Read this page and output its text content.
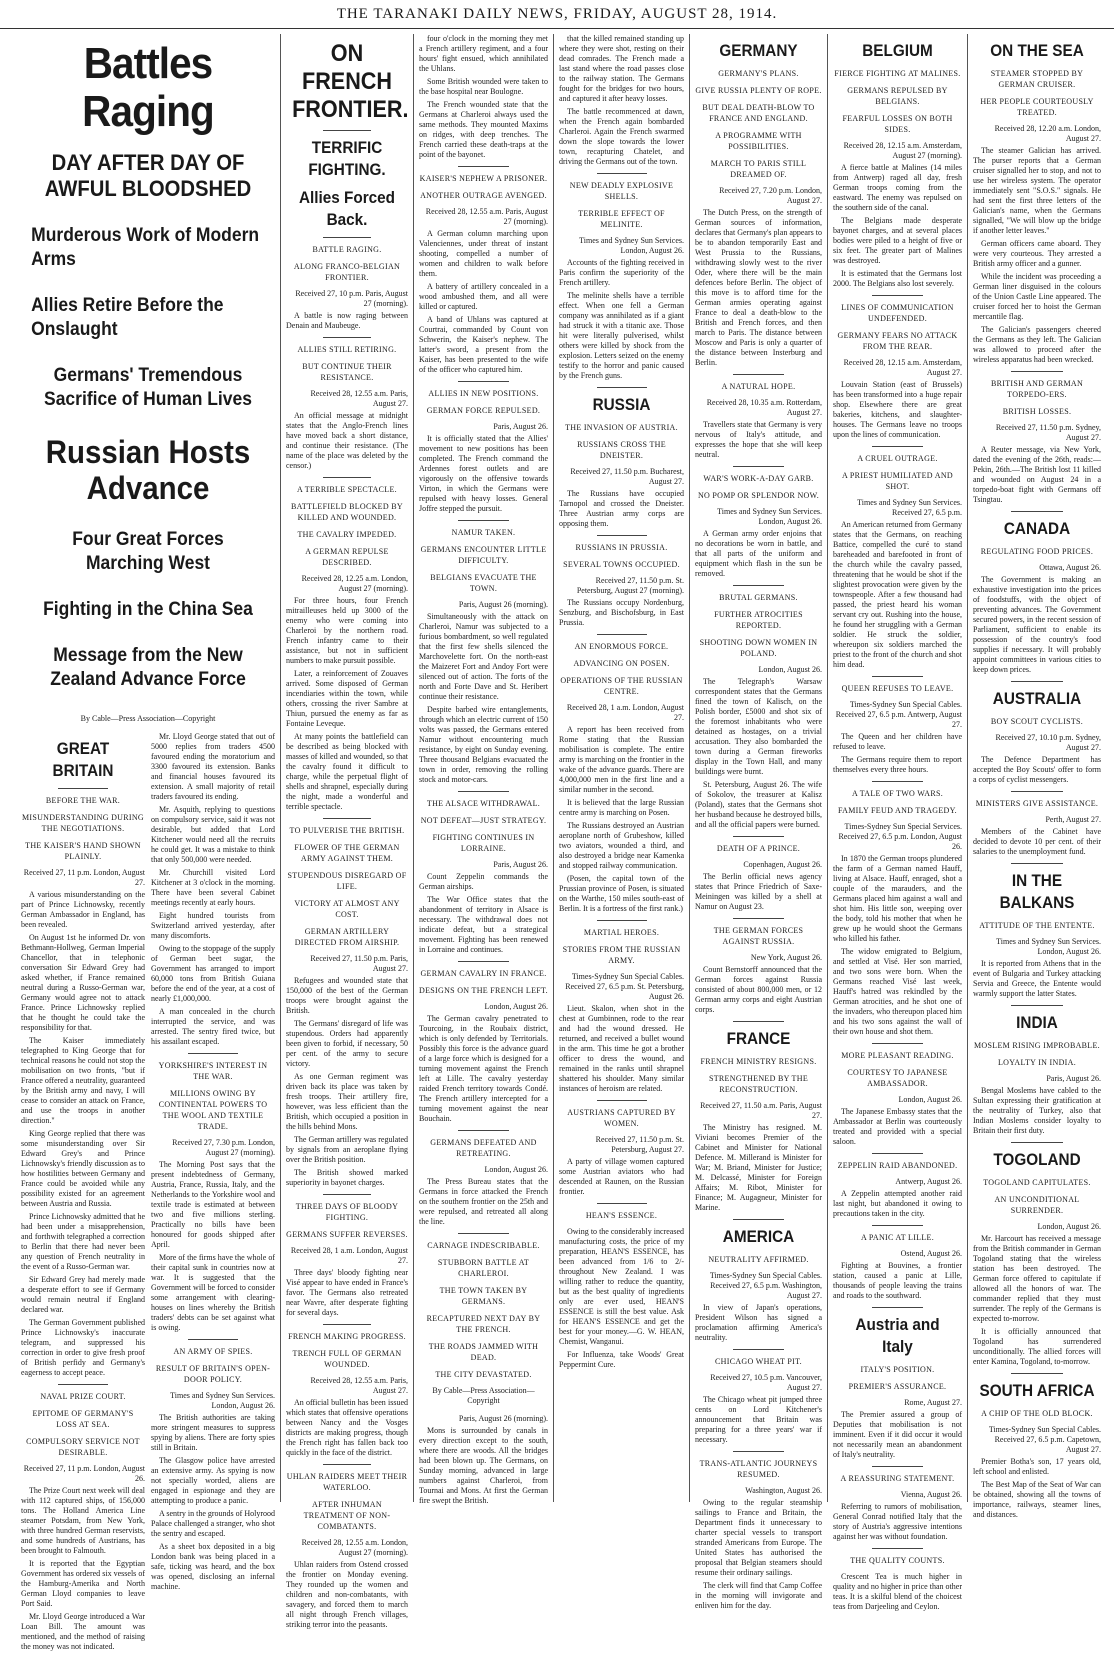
THE TARANAKI DAILY NEWS, FRIDAY, AUGUST 28, 1914.
Battles Raging
DAY AFTER DAY OF AWFUL BLOODSHED
Murderous Work of Modern Arms
Allies Retire Before the Onslaught
Germans' Tremendous Sacrifice of Human Lives
Russian Hosts Advance
Four Great Forces Marching West
Fighting in the China Sea
Message from the New Zealand Advance Force
By Cable—Press Association—Copyright
GREAT BRITAIN
BEFORE THE WAR.
MISUNDERSTANDING DURING THE NEGOTIATIONS.
THE KAISER'S HAND SHOWN PLAINLY.
Received 27, 11 p.m. London, August 27.
A various misunderstanding on the part of Prince Lichnowsky, recently German Ambassador in England, has been revealed.
On August 1st he informed Dr. von Bethmann-Hollweg, German Imperial Chancellor, that in telephonic conversation Sir Edward Grey had asked whether, if France remained neutral during a Russo-German war, Germany would agree not to attack France. Prince Lichnowsky replied that he thought he could take the responsibility for that.
The Kaiser immediately telegraphed to King George that for technical reasons he could not stop the mobilisation on two fronts, "but if France offered a neutrality, guaranteed by the British army and navy, I will cease to consider an attack on France, and use the troops in another direction."
King George replied that there was some misunderstanding over Sir Edward Grey's and Prince Lichnowsky's friendly discussion as to how hostilities between Germany and France could be avoided while any possibility existed for an agreement between Austria and Russia.
Prince Lichnowsky admitted that he had been under a misapprehension, and forthwith telegraphed a correction to Berlin that there had never been any question of French neutrality in the event of a Russo-German war.
Sir Edward Grey had merely made a desperate effort to see if Germany would remain neutral if England declared war.
The German Government published Prince Lichnowsky's inaccurate telegram, and suppressed his correction in order to give fresh proof of British perfidy and Germany's eagerness to accept peace.
NAVAL PRIZE COURT.
EPITOME OF GERMANY'S LOSS AT SEA.
COMPULSORY SERVICE NOT DESIRABLE.
Received 27, 11 p.m. London, August 26.
The Prize Court next week will deal with 112 captured ships, of 156,000 tons. The Holland America Line steamer Potsdam, from New York, with three hundred German reservists, and some hundreds of Austrians, has been brought to Falmouth.
It is reported that the Egyptian Government has ordered six vessels of the Hamburg-Amerika and North German Lloyd companies to leave Port Said.
Mr. Lloyd George introduced a War Loan Bill. The amount was mentioned, and the method of raising the money was not indicated.
Mr. Lloyd George stated that out of 5000 replies from traders 4500 favoured ending the moratorium and 3300 favoured its extension. Banks and financial houses favoured its extension. A small majority of retail traders favoured its ending.
Mr. Asquith, replying to questions on compulsory service, said it was not desirable, but added that Lord Kitchener would need all the recruits he could get. It was a mistake to think that only 500,000 were needed.
Mr. Churchill visited Lord Kitchener at 3 o'clock in the morning. There have been several Cabinet meetings recently at early hours.
Eight hundred tourists from Switzerland arrived yesterday, after many discomforts.
Owing to the stoppage of the supply of German beet sugar, the Government has arranged to import 60,000 tons from British Guiana before the end of the year, at a cost of nearly £1,000,000.
A man concealed in the church interrupted the service, and was arrested. The sentry fired twice, but his assailant escaped.
YORKSHIRE'S INTEREST IN THE WAR.
MILLIONS OWING BY CONTINENTAL POWERS TO THE WOOL AND TEXTILE TRADE.
Received 27, 7.30 p.m. London, August 27 (morning).
The Morning Post says that the present indebtedness of Germany, Austria, France, Russia, Italy, and the Netherlands to the Yorkshire wool and textile trade is estimated at between two and five millions sterling. Practically no bills have been honoured for goods shipped after April.
More of the firms have the whole of their capital sunk in countries now at war. It is suggested that the Government will be forced to consider some arrangement with clearing-houses on lines whereby the British traders' debts can be set against what is owing.
AN ARMY OF SPIES.
RESULT OF BRITAIN'S OPEN-DOOR POLICY.
Times and Sydney Sun Services. London, August 26.
The British authorities are taking more stringent measures to suppress spying by aliens. There are forty spies still in Britain.
The Glasgow police have arrested an extensive army. As spying is now not specially worded, aliens are engaged in espionage and they are attempting to produce a panic.
A sentry in the grounds of Holyrood Palace challenged a stranger, who shot the sentry and escaped.
As a sheet box deposited in a big London bank was being placed in a safe, ticking was heard, and the box was opened, disclosing an infernal machine.
ON FRENCH FRONTIER.
TERRIFIC FIGHTING.
Allies Forced Back.
BATTLE RAGING.
ALONG FRANCO-BELGIAN FRONTIER.
Received 27, 10 p.m. Paris, August 27 (morning).
A battle is now raging between Denain and Maubeuge.
ALLIES STILL RETIRING.
BUT CONTINUE THEIR RESISTANCE.
Received 28, 12.55 a.m. Paris, August 27.
An official message at midnight states that the Anglo-French lines have moved back a short distance, and continue their resistance. (The name of the place was deleted by the censor.)
A TERRIBLE SPECTACLE.
BATTLEFIELD BLOCKED BY KILLED AND WOUNDED.
THE CAVALRY IMPEDED.
A GERMAN REPULSE DESCRIBED.
Received 28, 12.25 a.m. London, August 27 (morning).
For three hours, four French mitrailleuses held up 3000 of the enemy who were coming into Charleroi by the northern road. French infantry came to their assistance, but not in sufficient numbers to make pursuit possible.
Later, a reinforcement of Zouaves arrived. Some disposed of German incendiaries within the town, while others, crossing the river Sambre at Thiun, pursued the enemy as far as Fontaine Leveque.
At many points the battlefield can be described as being blocked with masses of killed and wounded, so that the cavalry found it difficult to charge, while the perpetual flight of shells and shrapnel, especially during the night, made a wonderful and terrible spectacle.
TO PULVERISE THE BRITISH.
FLOWER OF THE GERMAN ARMY AGAINST THEM.
STUPENDOUS DISREGARD OF LIFE.
VICTORY AT ALMOST ANY COST.
GERMAN ARTILLERY DIRECTED FROM AIRSHIP.
Received 27, 11.50 p.m. Paris, August 27.
Refugees and wounded state that 150,000 of the best of the German troops were brought against the British.
The Germans' disregard of life was stupendous. Orders had apparently been given to forbid, if necessary, 50 per cent. of the army to secure victory.
As one German regiment was driven back its place was taken by fresh troops. Their artillery fire, however, was less efficient than the British, which occupied a position in the hills behind Mons.
The German artillery was regulated by signals from an aeroplane flying over the British position.
The British showed marked superiority in bayonet charges.
THREE DAYS OF BLOODY FIGHTING.
GERMANS SUFFER REVERSES.
Received 28, 1 a.m. London, August 27.
Three days' bloody fighting near Visé appear to have ended in France's favor. The Germans also retreated near Wavre, after desperate fighting for several days.
FRENCH MAKING PROGRESS.
TRENCH FULL OF GERMAN WOUNDED.
Received 28, 12.55 a.m. Paris, August 27.
An official bulletin has been issued which states that offensive operations between Nancy and the Vosges districts are making progress, though the French right has fallen back too quickly in the face of the district.
UHLAN RAIDERS MEET THEIR WATERLOO.
AFTER INHUMAN TREATMENT OF NON-COMBATANTS.
Received 28, 12.55 a.m. London, August 27 (morning).
Uhlan raiders from Ostend crossed the frontier on Monday evening. They rounded up the women and children and non-combatants, with savagery, and forced them to march all night through French villages, striking terror into the peasants.
four o'clock in the morning they met a French artillery regiment, and a four hours' fight ensued, which annihilated the Uhlans.
Some British wounded were taken to the base hospital near Boulogne.
The French wounded state that the Germans at Charleroi always used the same methods. They mounted Maxims on ridges, with deep trenches. The French carried these death-traps at the point of the bayonet.
KAISER'S NEPHEW A PRISONER.
ANOTHER OUTRAGE AVENGED.
Received 28, 12.55 a.m. Paris, August 27 (morning).
A German column marching upon Valenciennes, under threat of instant shooting, compelled a number of women and children to walk before them.
A battery of artillery concealed in a wood ambushed them, and all were killed or captured.
A band of Uhlans was captured at Courtrai, commanded by Count von Schwerin, the Kaiser's nephew. The latter's sword, a present from the Kaiser, has been presented to the wife of the officer who captured him.
ALLIES IN NEW POSITIONS.
GERMAN FORCE REPULSED.
Paris, August 26.
It is officially stated that the Allies' movement to new positions has been completed. The French command the Ardennes forest outlets and are vigorously on the offensive towards Virton, in which the Germans were repulsed with heavy losses. General Joffre stepped the pursuit.
NAMUR TAKEN.
GERMANS ENCOUNTER LITTLE DIFFICULTY.
BELGIANS EVACUATE THE TOWN.
Paris, August 26 (morning).
Simultaneously with the attack on Charleroi, Namur was subjected to a furious bombardment, so well regulated that the first few shells silenced the Marchovelette fort. On the north-east the Maizeret Fort and Andoy Fort were silenced out of action. The forts of the north and Forte Dave and St. Heribert continue their resistance.
Despite barbed wire entanglements, through which an electric current of 150 volts was passed, the Germans entered Namur without encountering much resistance, by eight on Sunday evening. Three thousand Belgians evacuated the town in order, removing the rolling stock and motor-cars.
THE ALSACE WITHDRAWAL.
NOT DEFEAT—JUST STRATEGY.
FIGHTING CONTINUES IN LORRAINE.
Paris, August 26.
Count Zeppelin commands the German airships.
The War Office states that the abandonment of territory in Alsace is necessary. The withdrawal does not indicate defeat, but a strategical movement. Fighting has been renewed in Lorraine and continues.
GERMAN CAVALRY IN FRANCE.
DESIGNS ON THE FRENCH LEFT.
London, August 26.
The German cavalry penetrated to Tourcoing, in the Roubaix district, which is only defended by Territorials. Possibly this force is the advance guard of a large force which is designed for a turning movement against the French left at Lille. The cavalry yesterday raided French territory towards Condé. The French artillery intercepted for a turning movement against the near Bouchain.
GERMANS DEFEATED AND RETREATING.
London, August 26.
The Press Bureau states that the Germans in force attacked the French on the southern frontier on the 25th and were repulsed, and retreated all along the line.
CARNAGE INDESCRIBABLE.
STUBBORN BATTLE AT CHARLEROI.
THE TOWN TAKEN BY GERMANS.
RECAPTURED NEXT DAY BY THE FRENCH.
THE ROADS JAMMED WITH DEAD.
THE CITY DEVASTATED.
By Cable—Press Association—Copyright
Paris, August 26 (morning).
Mons is surrounded by canals in every direction except to the south, where there are woods. All the bridges had been blown up. The Germans, on Sunday morning, advanced in large numbers against Charleroi, from Tournai and Mons. At first the German fire swept the British.
that the killed remained standing up where they were shot, resting on their dead comrades. The French made a last stand where the road passes close to the railway station. The Germans fought for the bridges for two hours, and captured it after heavy losses.
The battle recommenced at dawn, when the French again bombarded Charleroi. Again the French swarmed down the slope towards the lower town, recapturing Chatelet, and driving the Germans out of the town.
NEW DEADLY EXPLOSIVE SHELLS.
TERRIBLE EFFECT OF MELINITE.
Times and Sydney Sun Services. London, August 26.
Accounts of the fighting received in Paris confirm the superiority of the French artillery.
The melinite shells have a terrible effect. When one fell a German company was annihilated as if a giant had struck it with a titanic axe. Those hit were literally pulverised, whilst others were killed by shock from the explosion. Letters seized on the enemy testify to the horror and panic caused by the French guns.
RUSSIA
THE INVASION OF AUSTRIA.
RUSSIANS CROSS THE DNEISTER.
Received 27, 11.50 p.m. Bucharest, August 27.
The Russians have occupied Tarnopol and crossed the Dneister. Three Austrian army corps are opposing them.
RUSSIANS IN PRUSSIA.
SEVERAL TOWNS OCCUPIED.
Received 27, 11.50 p.m. St. Petersburg, August 27 (morning).
The Russians occupy Nordenburg, Senzburg, and Bischofsburg, in East Prussia.
AN ENORMOUS FORCE.
ADVANCING ON POSEN.
OPERATIONS OF THE RUSSIAN CENTRE.
Received 28, 1 a.m. London, August 27.
A report has been received from Rome stating that the Russian mobilisation is complete. The entire army is marching on the frontier in the wake of the advance guards. There are 4,000,000 men in the first line and a similar number in the second.
It is believed that the large Russian centre army is marching on Posen.
The Russians destroyed an Austrian aeroplane north of Grubeshow, killed two aviators, wounded a third, and also destroyed a bridge near Kamenka and stopped railway communication.
(Posen, the capital town of the Prussian province of Posen, is situated on the Warthe, 150 miles south-east of Berlin. It is a fortress of the first rank.)
MARTIAL HEROES.
STORIES FROM THE RUSSIAN ARMY.
Times-Sydney Sun Special Cables. Received 27, 6.5 p.m. St. Petersburg, August 26.
Lieut. Skalon, when shot in the chest at Gumbinnen, rode to the rear and had the wound dressed. He returned, and received a bullet wound in the arm. This time he got a brother officer to dress the wound, and remained in the ranks until shrapnel shattered his shoulder. Many similar instances of heroism are related.
AUSTRIANS CAPTURED BY WOMEN.
Received 27, 11.50 p.m. St. Petersburg, August 27.
A party of village women captured some Austrian aviators who had descended at Raunen, on the Russian frontier.
HEAN'S ESSENCE.
Owing to the considerably increased manufacturing costs, the price of my preparation, HEAN'S ESSENCE, has been advanced from 1/6 to 2/- throughout New Zealand. I was willing rather to reduce the quantity, but as the best quality of ingredients only are ever used, HEAN'S ESSENCE is still the best value. Ask for HEAN'S ESSENCE and get the best for your money.—G. W. HEAN, Chemist, Wanganui.
For Influenza, take Woods' Great Peppermint Cure.
GERMANY
GERMANY'S PLANS.
GIVE RUSSIA PLENTY OF ROPE.
BUT DEAL DEATH-BLOW TO FRANCE AND ENGLAND.
A PROGRAMME WITH POSSIBILITIES.
MARCH TO PARIS STILL DREAMED OF.
Received 27, 7.20 p.m. London, August 27.
The Dutch Press, on the strength of German sources of information, declares that Germany's plan appears to be to abandon temporarily East and West Prussia to the Russians, withdrawing slowly west to the river Oder, where there will be the main defences before Berlin. The object of this move is to afford time for the German armies operating against France to deal a death-blow to the British and French forces, and then march to Paris. The distance between Moscow and Paris is only a quarter of the distance between Insterburg and Berlin.
A NATURAL HOPE.
Received 28, 10.35 a.m. Rotterdam, August 27.
Travellers state that Germany is very nervous of Italy's attitude, and expresses the hope that she will keep neutral.
WAR'S WORK-A-DAY GARB.
NO POMP OR SPLENDOR NOW.
Times and Sydney Sun Services. London, August 26.
A German army order enjoins that no decorations be worn in battle, and that all parts of the uniform and equipment which flash in the sun be removed.
BRUTAL GERMANS.
FURTHER ATROCITIES REPORTED.
SHOOTING DOWN WOMEN IN POLAND.
London, August 26.
The Telegraph's Warsaw correspondent states that the Germans fined the town of Kalisch, on the Polish border, £5000 and shot six of the foremost inhabitants who were detained as hostages, on a trivial accusation. They also bombarded the town during a German fireworks display in the Town Hall, and many buildings were burnt.
St. Petersburg, August 26. The wife of Sokolov, the treasurer at Kalisz (Poland), states that the Germans shot her husband because he destroyed bills, and all the official papers were burned.
DEATH OF A PRINCE.
Copenhagen, August 26.
The Berlin official news agency states that Prince Friedrich of Saxe-Meiningen was killed by a shell at Namur on August 23.
THE GERMAN FORCES AGAINST RUSSIA.
New York, August 26.
Count Bernstorff announced that the German forces against Russia consisted of about 800,000 men, or 12 German army corps and eight Austrian corps.
FRANCE
FRENCH MINISTRY RESIGNS.
STRENGTHENED BY THE RECONSTRUCTION.
Received 27, 11.50 a.m. Paris, August 27.
The Ministry has resigned. M. Viviani becomes Premier of the Cabinet and Minister for National Defence. M. Millerand is Minister for War; M. Briand, Minister for Justice; M. Delcassé, Minister for Foreign Affairs; M. Ribot, Minister for Finance; M. Augagneur, Minister for Marine.
AMERICA
NEUTRALITY AFFIRMED.
Times-Sydney Sun Special Cables. Received 27, 6.5 p.m. Washington, August 27.
In view of Japan's operations, President Wilson has signed a proclamation affirming America's neutrality.
CHICAGO WHEAT PIT.
Received 27, 10.5 p.m. Vancouver, August 27.
The Chicago wheat pit jumped three cents on Lord Kitchener's announcement that Britain was preparing for a three years' war if necessary.
TRANS-ATLANTIC JOURNEYS RESUMED.
Washington, August 26.
Owing to the regular steamship sailings to France and Britain, the Department finds it unnecessary to charter special vessels to transport stranded Americans from Europe. The United States has authorised the proposal that Belgian steamers should resume their ordinary sailings.
The clerk will find that Camp Coffee in the morning will invigorate and enliven him for the day.
BELGIUM
FIERCE FIGHTING AT MALINES.
GERMANS REPULSED BY BELGIANS.
FEARFUL LOSSES ON BOTH SIDES.
Received 28, 12.15 a.m. Amsterdam, August 27 (morning).
A fierce battle at Malines (14 miles from Antwerp) raged all day, fresh German troops coming from the eastward. The enemy was repulsed on the southern side of the canal.
The Belgians made desperate bayonet charges, and at several places bodies were piled to a height of five or six feet. The greater part of Malines was destroyed.
It is estimated that the Germans lost 2000. The Belgians also lost severely.
LINES OF COMMUNICATION UNDEFENDED.
GERMANY FEARS NO ATTACK FROM THE REAR.
Received 28, 12.15 a.m. Amsterdam, August 27.
Louvain Station (east of Brussels) has been transformed into a huge repair shop. Elsewhere there are great bakeries, kitchens, and slaughter-houses. The Germans leave no troops upon the lines of communication.
A CRUEL OUTRAGE.
A PRIEST HUMILIATED AND SHOT.
Times and Sydney Sun Services. Received 27, 6.5 p.m.
An American returned from Germany states that the Germans, on reaching Battice, compelled the curé to stand bareheaded and barefooted in front of the church while the cavalry passed, threatening that he would be shot if the slightest provocation were given by the townspeople. After a few thousand had passed, the priest heard his woman servant cry out. Rushing into the house, he found her struggling with a German soldier. He struck the soldier, whereupon six soldiers marched the priest to the front of the church and shot him dead.
QUEEN REFUSES TO LEAVE.
Times-Sydney Sun Special Cables. Received 27, 6.5 p.m. Antwerp, August 27.
The Queen and her children have refused to leave.
The Germans require them to report themselves every three hours.
A TALE OF TWO WARS.
FAMILY FEUD AND TRAGEDY.
Times-Sydney Sun Special Services. Received 27, 6.5 p.m. London, August 26.
In 1870 the German troops plundered the farm of a German named Hauff, living at Alsace. Hauff, enraged, shot a couple of the marauders, and the Germans placed him against a wall and shot him. His little son, weeping over the body, told his mother that when he grew up he would shoot the Germans who killed his father.
The widow emigrated to Belgium, and settled at Visé. Her son married, and two sons were born. When the Germans reached Visé last week, Hauff's hatred was rekindled by the German atrocities, and he shot one of the invaders, who thereupon placed him and his two sons against the wall of their own house and shot them.
MORE PLEASANT READING.
COURTESY TO JAPANESE AMBASSADOR.
London, August 26.
The Japanese Embassy states that the Ambassador at Berlin was courteously treated and provided with a special saloon.
ZEPPELIN RAID ABANDONED.
Antwerp, August 26.
A Zeppelin attempted another raid last night, but abandoned it owing to precautions taken in the city.
A PANIC AT LILLE.
Ostend, August 26.
Fighting at Bouvines, a frontier station, caused a panic at Lille, thousands of people leaving the trains and roads to the southward.
Austria and Italy
ITALY'S POSITION.
PREMIER'S ASSURANCE.
Rome, August 27.
The Premier assured a group of Deputies that mobilisation is not imminent. Even if it did occur it would not necessarily mean an abandonment of Italy's neutrality.
A REASSURING STATEMENT.
Vienna, August 26.
Referring to rumors of mobilisation, General Conrad notified Italy that the story of Austria's aggressive intentions against her was without foundation.
THE QUALITY COUNTS.
Crescent Tea is much higher in quality and no higher in price than other teas. It is a skilful blend of the choicest teas from Darjeeling and Ceylon.
ON THE SEA
STEAMER STOPPED BY GERMAN CRUISER.
HER PEOPLE COURTEOUSLY TREATED.
Received 28, 12.20 a.m. London, August 27.
The steamer Galician has arrived. The purser reports that a German cruiser signalled her to stop, and not to use her wireless system. The operator immediately sent "S.O.S." signals. He had sent the first three letters of the Galician's name, when the Germans signalled, "We will blow up the bridge if another letter leaves."
German officers came aboard. They were very courteous. They arrested a British army officer and a gunner.
While the incident was proceeding a German liner disguised in the colours of the Union Castle Line appeared. The cruiser forced her to hoist the German mercantile flag.
The Galician's passengers cheered the Germans as they left. The Galician was allowed to proceed after the wireless apparatus had been wrecked.
BRITISH AND GERMAN TORPEDO-ERS.
BRITISH LOSSES.
Received 27, 11.50 p.m. Sydney, August 27.
A Reuter message, via New York, dated the evening of the 26th, reads:—Pekin, 26th.—The British lost 11 killed and wounded on August 24 in a torpedo-boat fight with Germans off Tsingtau.
CANADA
REGULATING FOOD PRICES.
Ottawa, August 26.
The Government is making an exhaustive investigation into the prices of foodstuffs, with the object of preventing advances. The Government secured powers, in the recent session of Parliament, sufficient to enable its possession of the country's food supplies if necessary. It will probably appoint committees in various cities to keep down prices.
AUSTRALIA
BOY SCOUT CYCLISTS.
Received 27, 10.10 p.m. Sydney, August 27.
The Defence Department has accepted the Boy Scouts' offer to form a corps of cyclist messengers.
MINISTERS GIVE ASSISTANCE.
Perth, August 27.
Members of the Cabinet have decided to devote 10 per cent. of their salaries to the unemployment fund.
IN THE BALKANS
ATTITUDE OF THE ENTENTE.
Times and Sydney Sun Services. London, August 26.
It is reported from Athens that in the event of Bulgaria and Turkey attacking Servia and Greece, the Entente would warmly support the latter States.
INDIA
MOSLEM RISING IMPROBABLE.
LOYALTY IN INDIA.
Paris, August 26.
Bengal Moslems have cabled to the Sultan expressing their gratification at the neutrality of Turkey, also that Indian Moslems consider loyalty to Britain their first duty.
TOGOLAND
TOGOLAND CAPITULATES.
AN UNCONDITIONAL SURRENDER.
London, August 26.
Mr. Harcourt has received a message from the British commander in German Togoland stating that the wireless station has been destroyed. The German force offered to capitulate if allowed all the honors of war. The commander replied that they must surrender. The reply of the Germans is expected to-morrow.
It is officially announced that Togoland has surrendered unconditionally. The allied forces will enter Kamina, Togoland, to-morrow.
SOUTH AFRICA
A CHIP OF THE OLD BLOCK.
Times-Sydney Sun Special Cables. Received 27, 6.5 p.m. Capetown, August 27.
Premier Botha's son, 17 years old, left school and enlisted.
The Best Map of the Seat of War can be obtained, showing all the towns of importance, railways, steamer lines, and distances.
